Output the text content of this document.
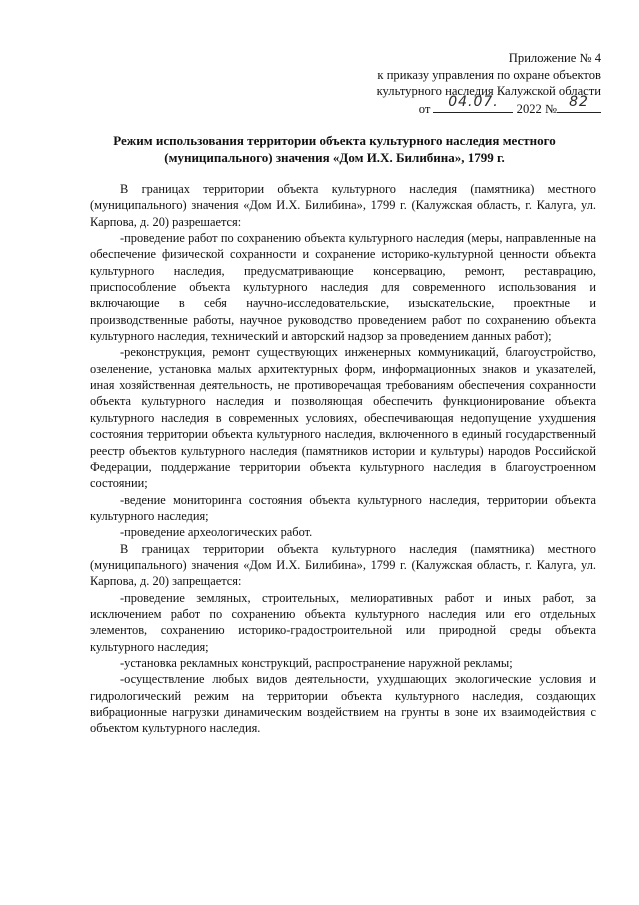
Приложение № 4
к приказу управления по охране объектов
культурного наследия Калужской области
от	04.07.	2022 № 82
Режим использования территории объекта культурного наследия местного
(муниципального) значения «Дом И.Х. Билибина», 1799 г.

В границах территории объекта культурного наследия (памятника) местного (муниципального) значения «Дом И.Х. Билибина», 1799 г. (Калужская область, г. Калуга, ул. Карпова, д. 20) разрешается:

-проведение работ по сохранению объекта культурного наследия (меры, направленные на обеспечение физической сохранности и сохранение историко-культурной ценности объекта культурного наследия, предусматривающие консервацию, ремонт, реставрацию, приспособление объекта культурного наследия для современного использования и включающие в себя научно-исследовательские, изыскательские, проектные и производственные работы, научное руководство проведением работ по сохранению объекта культурного наследия, технический и авторский надзор за проведением данных работ);

-реконструкция, ремонт существующих инженерных коммуникаций, благоустройство, озеленение, установка малых архитектурных форм, информационных знаков и указателей, иная хозяйственная деятельность, не противоречащая требованиям обеспечения сохранности объекта культурного наследия и позволяющая обеспечить функционирование объекта культурного наследия в современных условиях, обеспечивающая недопущение ухудшения состояния территории объекта культурного наследия, включенного в единый государственный реестр объектов культурного наследия (памятников истории и культуры) народов Российской Федерации, поддержание территории объекта культурного наследия в благоустроенном состоянии;

-ведение мониторинга состояния объекта культурного наследия, территории объекта культурного наследия;

-проведение археологических работ.

В границах территории объекта культурного наследия (памятника) местного (муниципального) значения «Дом И.Х. Билибина», 1799 г. (Калужская область, г. Калуга, ул. Карпова, д. 20) запрещается:

-проведение земляных, строительных, мелиоративных работ и иных работ, за исключением работ по сохранению объекта культурного наследия или его отдельных элементов, сохранению историко-градостроительной или природной среды объекта культурного наследия;

-установка рекламных конструкций, распространение наружной рекламы;

-осуществление любых видов деятельности, ухудшающих экологические условия и гидрологический режим на территории объекта культурного наследия, создающих вибрационные нагрузки динамическим воздействием на грунты в зоне их взаимодействия с объектом культурного наследия.
